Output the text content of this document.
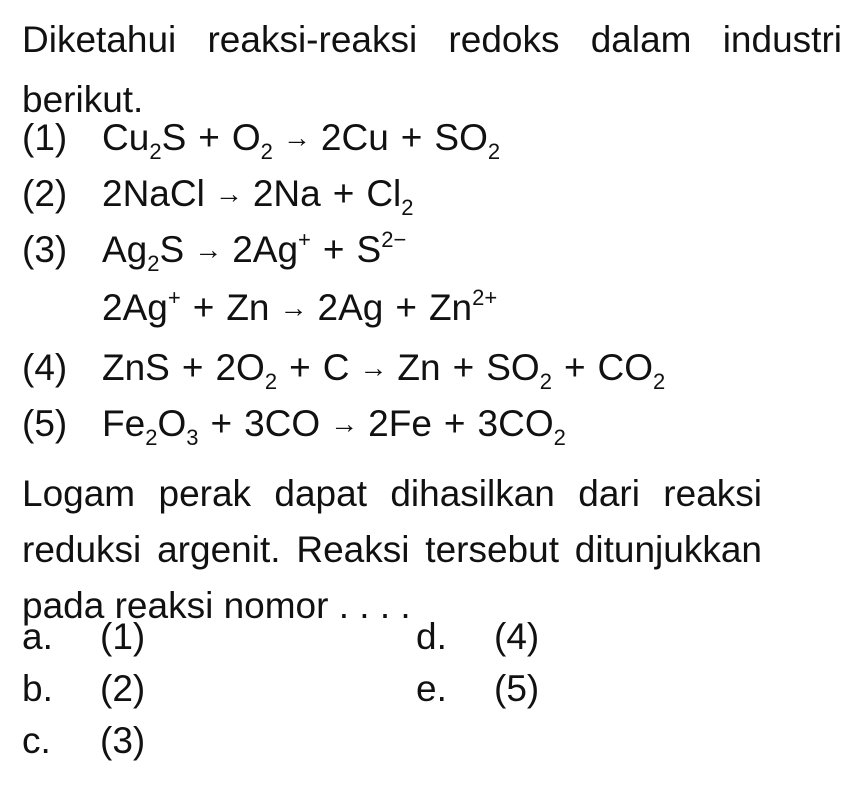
Diketahui reaksi-reaksi redoks dalam industri berikut.
(1) $Cu_2S + O_2 \to 2Cu + SO_2$
(2) 2NaCl → $2Na + Cl_2$
(3) $Ag_2S \to 2Ag^+ + S^{2-}$
$2Ag^+ + Zn \to 2Ag + Zn^{2+}$
(4) ZnS + $2O_2 + C \to Zn + SO_2 + CO_2$
(5) $Fe_2O_3 + 3CO \to 2Fe + 3CO_2$
Logam perak dapat dihasilkan dari reaksi reduksi argenit. Reaksi tersebut ditunjukkan pada reaksi nomor . . . .
a. (1)
b. (2)
c. (3)
d. (4)
e. (5)
